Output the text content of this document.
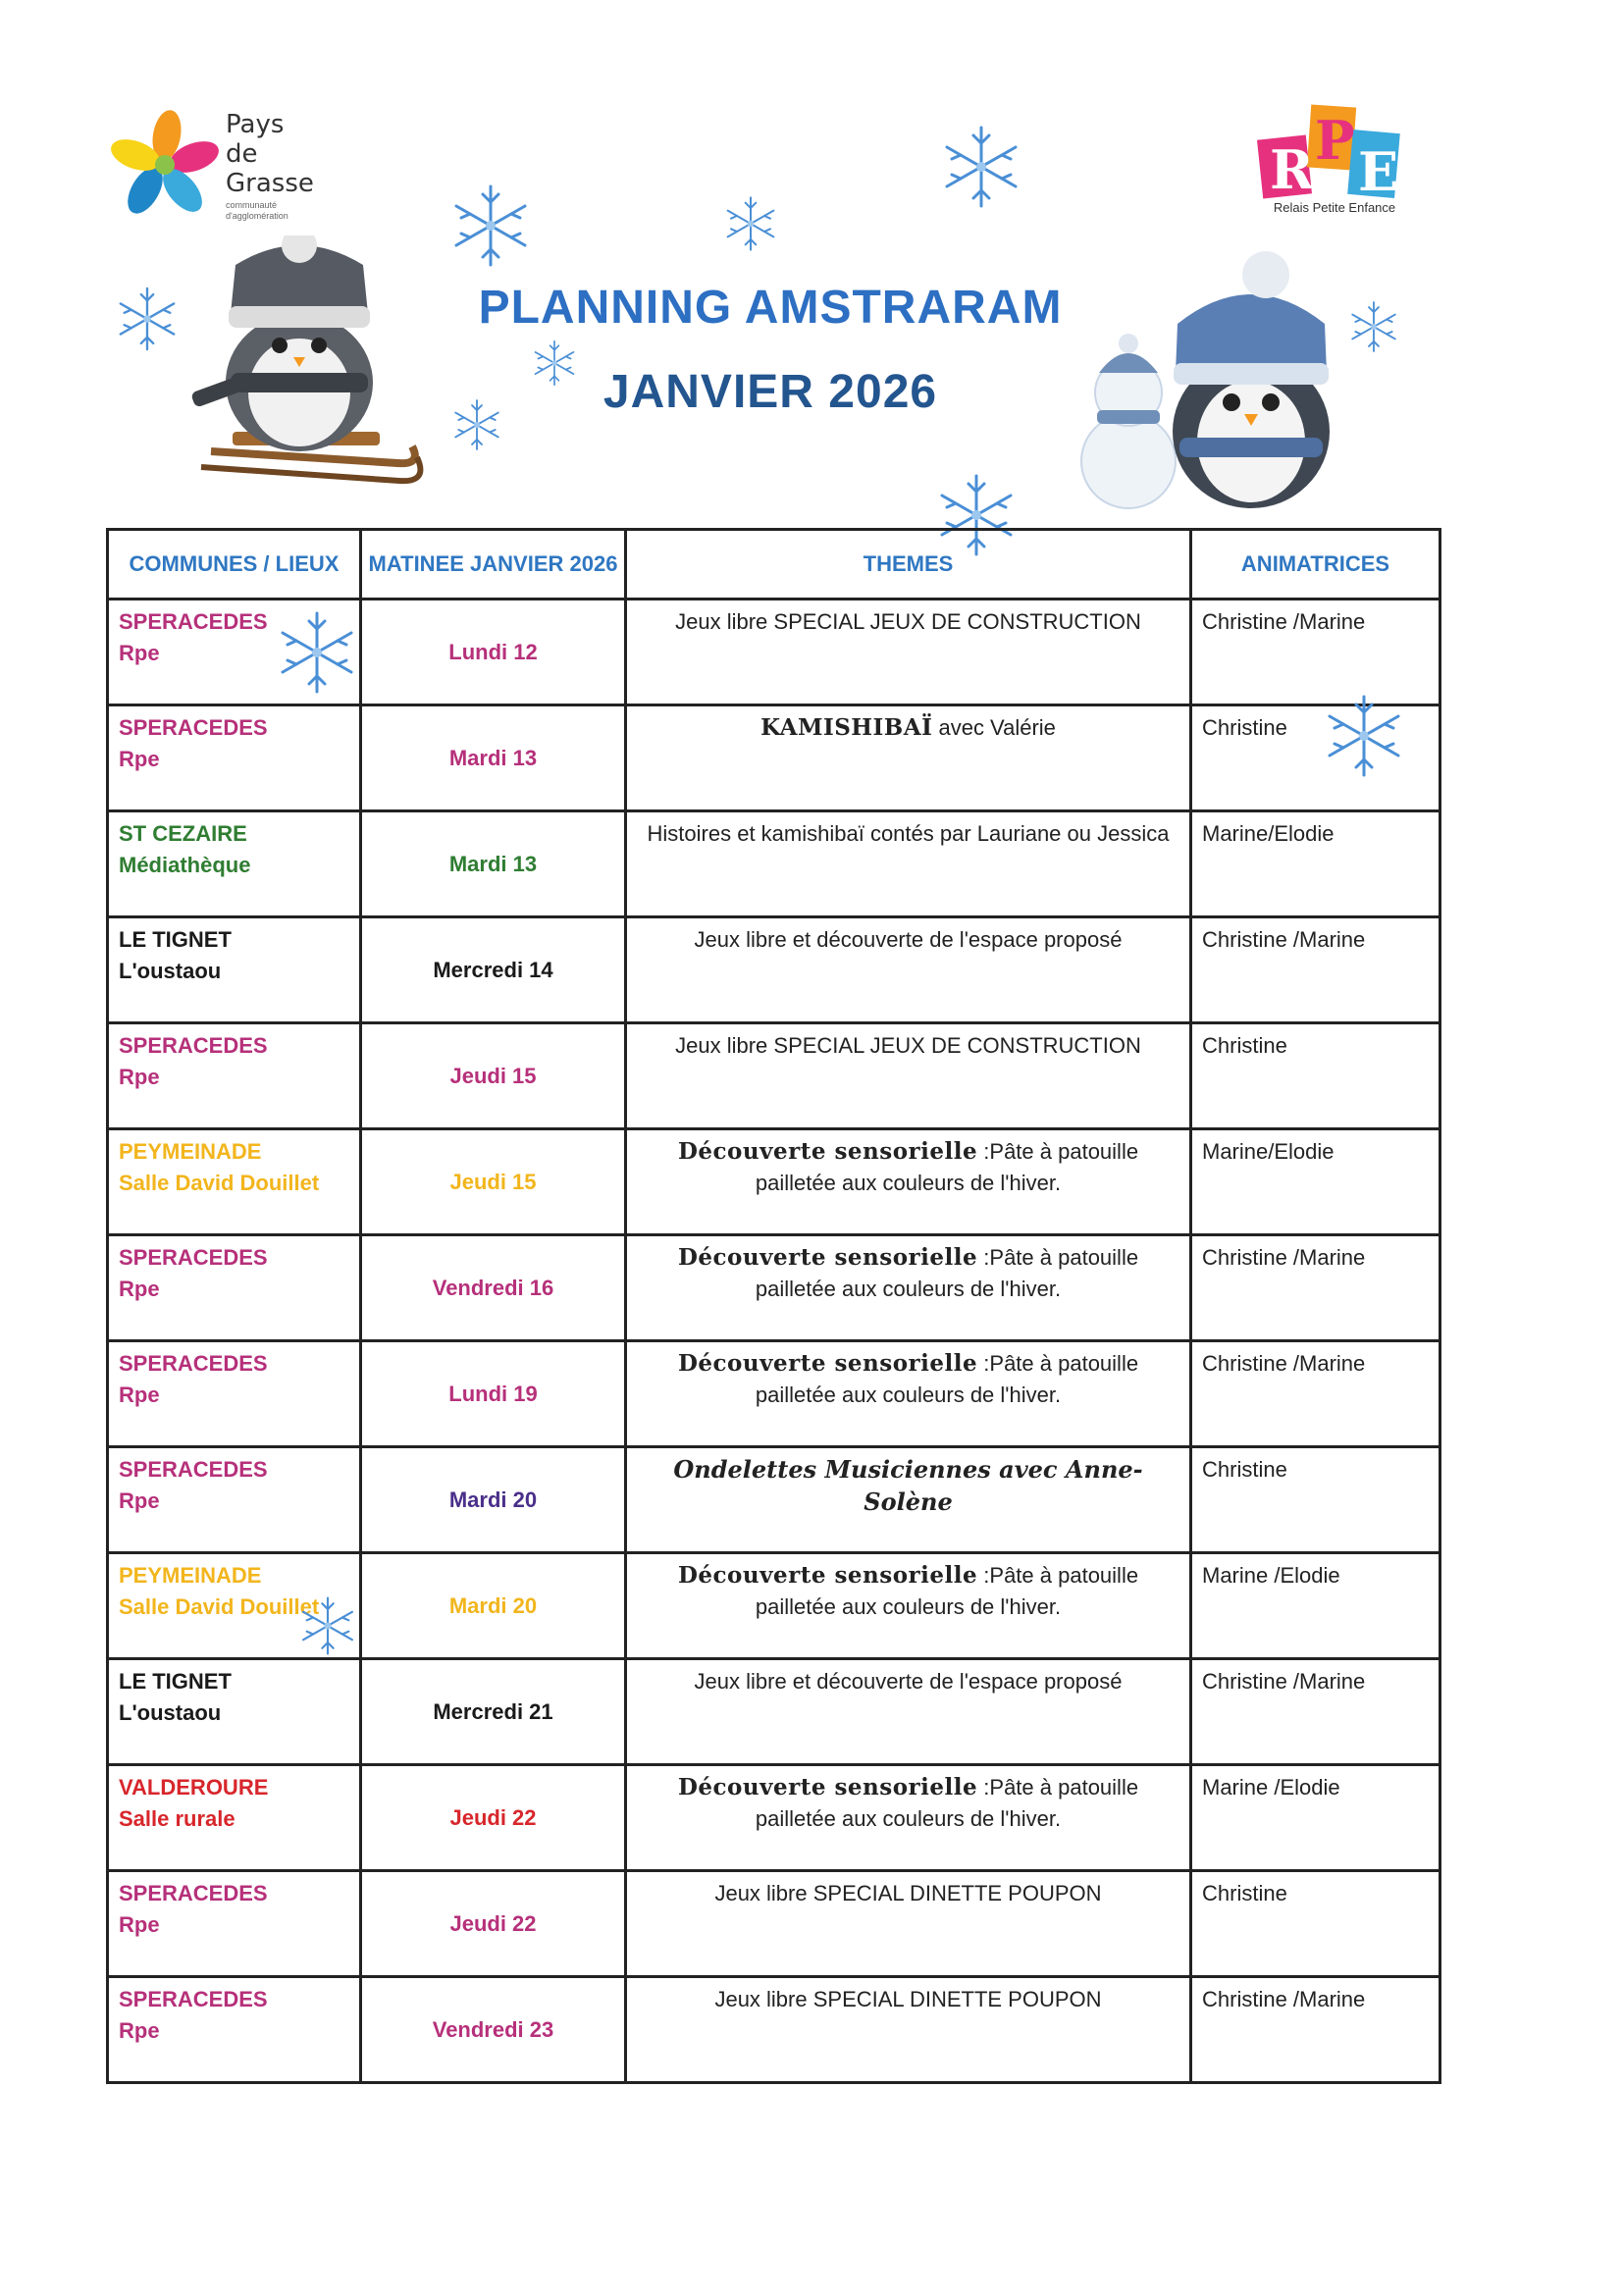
Pays
de
Grasse
communauté
d'agglomération
R P E
Relais Petite Enfance
PLANNING AMSTRARAM
JANVIER 2026
COMMUNES / LIEUX	MATINEE JANVIER 2026	THEMES	ANIMATRICES

SPERACEDES
Rpe	Lundi 12	Jeux libre SPECIAL JEUX DE CONSTRUCTION	Christine /Marine

SPERACEDES
Rpe	Mardi 13	KAMISHIBAÏ avec Valérie	Christine

ST CEZAIRE
Médiathèque	Mardi 13	Histoires et kamishibaï contés par Lauriane ou Jessica	Marine/Elodie

LE TIGNET
L'oustaou	Mercredi 14	Jeux libre et découverte de l'espace proposé	Christine /Marine

SPERACEDES
Rpe	Jeudi 15	Jeux libre SPECIAL JEUX DE CONSTRUCTION	Christine

PEYMEINADE
Salle David Douillet	Jeudi 15	Découverte sensorielle :Pâte à patouille pailletée aux couleurs de l'hiver.	Marine/Elodie

SPERACEDES
Rpe	Vendredi 16	Découverte sensorielle :Pâte à patouille pailletée aux couleurs de l'hiver.	Christine /Marine

SPERACEDES
Rpe	Lundi 19	Découverte sensorielle :Pâte à patouille pailletée aux couleurs de l'hiver.	Christine /Marine

SPERACEDES
Rpe	Mardi 20	Ondelettes Musiciennes avec Anne-Solène	Christine

PEYMEINADE
Salle David Douillet	Mardi 20	Découverte sensorielle :Pâte à patouille pailletée aux couleurs de l'hiver.	Marine /Elodie

LE TIGNET
L'oustaou	Mercredi 21	Jeux libre et découverte de l'espace proposé	Christine /Marine

VALDEROURE
Salle rurale	Jeudi 22	Découverte sensorielle :Pâte à patouille pailletée aux couleurs de l'hiver.	Marine /Elodie

SPERACEDES
Rpe	Jeudi 22	Jeux libre SPECIAL DINETTE POUPON	Christine

SPERACEDES
Rpe	Vendredi 23	Jeux libre SPECIAL DINETTE POUPON	Christine /Marine
